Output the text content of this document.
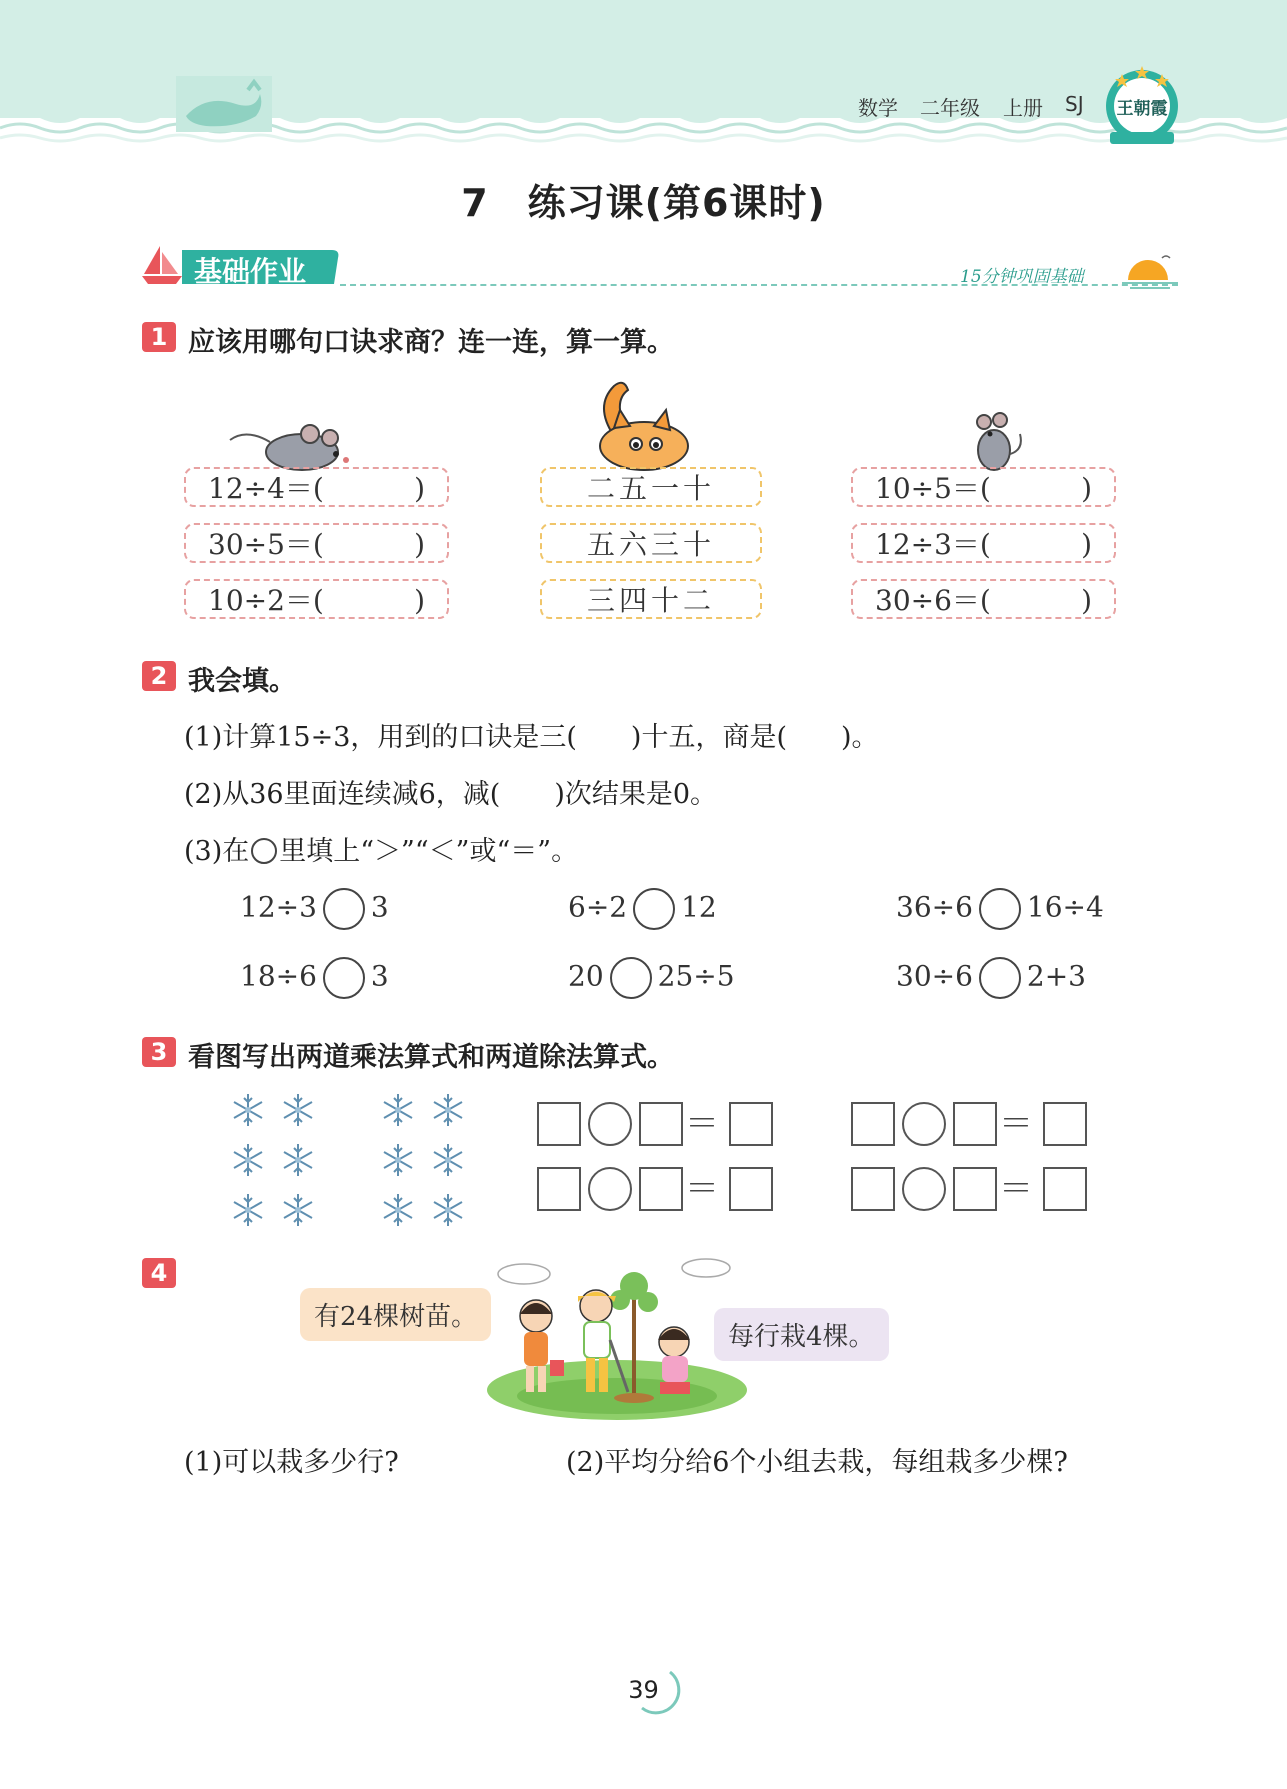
数学 二年级 上册 SJ 王朝霞
7　练习课(第6课时)
基础作业	15分钟巩固基础
1 应该用哪句口诀求商？连一连，算一算。
12÷4＝(	)
30÷5＝(	)
10÷2＝(	)
二五一十
五六三十
三四十二
10÷5＝(	)
12÷3＝(	)
30÷6＝(	)
2 我会填。
(1)计算15÷3，用到的口诀是三(　　)十五，商是(　　)。
(2)从36里面连续减6，减(　　)次结果是0。
(3)在 里填上“＞”“＜”或“＝”。
12÷3 3	6÷2 12	36÷6 16÷4
18÷6 3	20 25÷5	30÷6 2+3
3 看图写出两道乘法算式和两道除法算式。
＝
＝
＝
＝
4
有24棵树苗。
每行栽4棵。
(1)可以栽多少行?	(2)平均分给6个小组去栽，每组栽多少棵?
39
